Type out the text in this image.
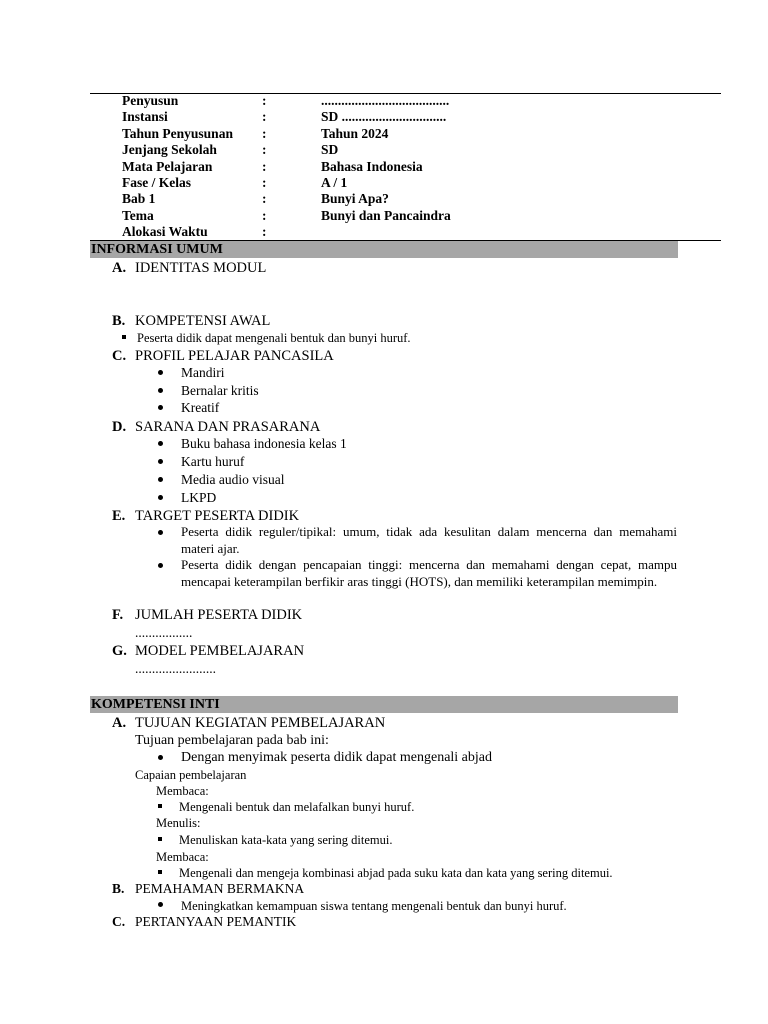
Penyusun	:	......................................
Instansi	:	SD ...............................
Tahun Penyusunan :	Tahun 2024
Jenjang Sekolah	:	SD
Mata Pelajaran	:	Bahasa Indonesia
Fase / Kelas	:	A / 1
Bab 1	:	Bunyi Apa?
Tema	:	Bunyi dan Pancaindra
Alokasi Waktu	:
INFORMASI UMUM
A. IDENTITAS MODUL
B. KOMPETENSI AWAL
Peserta didik dapat mengenali bentuk dan bunyi huruf.
C. PROFIL PELAJAR PANCASILA
Mandiri
Bernalar kritis
Kreatif
D. SARANA DAN PRASARANA
Buku bahasa indonesia kelas 1
Kartu huruf
Media audio visual
LKPD
E. TARGET PESERTA DIDIK
Peserta didik reguler/tipikal: umum, tidak ada kesulitan dalam mencerna dan memahami materi ajar.
Peserta didik dengan pencapaian tinggi: mencerna dan memahami dengan cepat, mampu mencapai keterampilan berfikir aras tinggi (HOTS), dan memiliki keterampilan memimpin.
F. JUMLAH PESERTA DIDIK
.................
G. MODEL PEMBELAJARAN
........................
KOMPETENSI INTI
A. TUJUAN KEGIATAN PEMBELAJARAN
Tujuan pembelajaran pada bab ini:
Dengan menyimak peserta didik dapat mengenali abjad
Capaian pembelajaran
Membaca:
Mengenali bentuk dan melafalkan bunyi huruf.
Menulis:
Menuliskan kata-kata yang sering ditemui.
Membaca:
Mengenali dan mengeja kombinasi abjad pada suku kata dan kata yang sering ditemui.
B. PEMAHAMAN BERMAKNA
Meningkatkan kemampuan siswa tentang mengenali bentuk dan bunyi huruf.
C. PERTANYAAN PEMANTIK
